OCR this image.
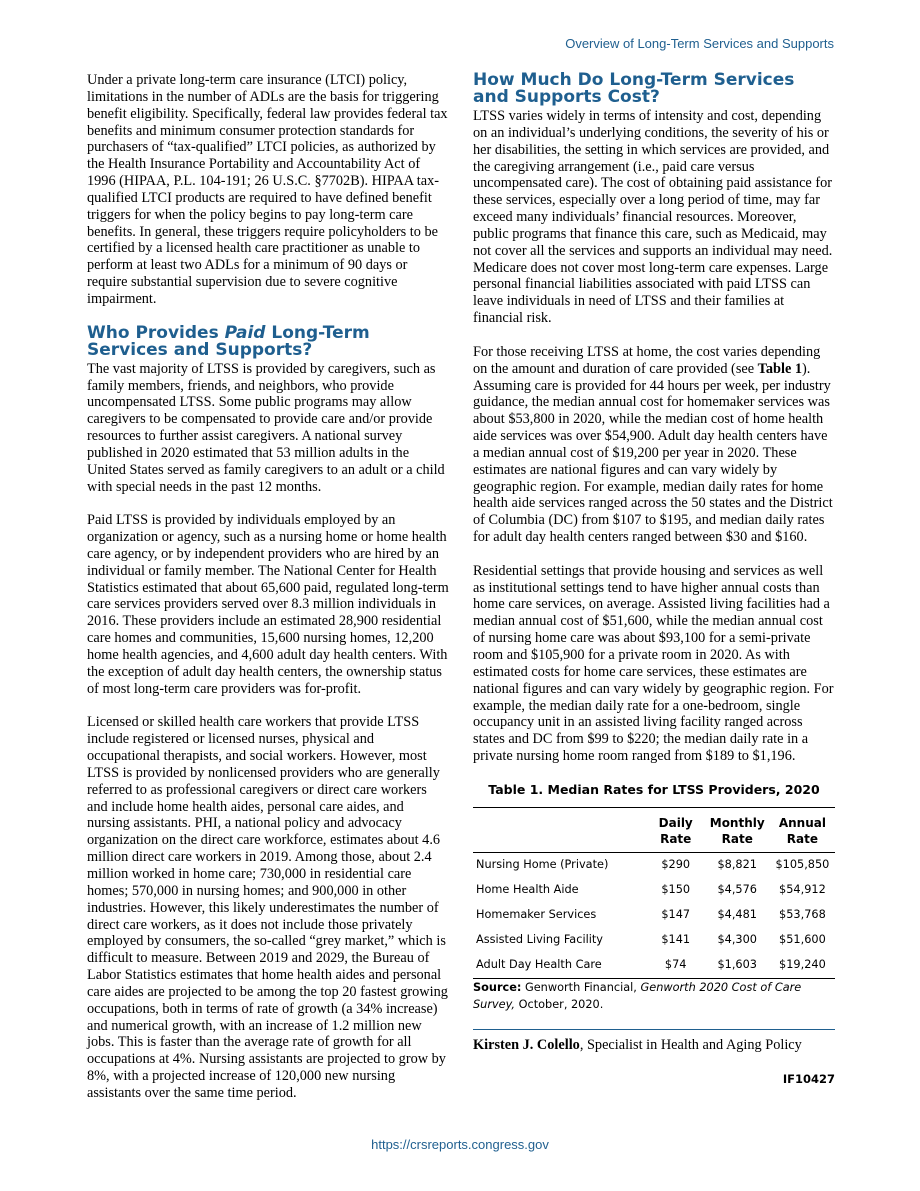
Overview of Long-Term Services and Supports

Under a private long-term care insurance (LTCI) policy, limitations in the number of ADLs are the basis for triggering benefit eligibility. Specifically, federal law provides federal tax benefits and minimum consumer protection standards for purchasers of “tax-qualified” LTCI policies, as authorized by the Health Insurance Portability and Accountability Act of 1996 (HIPAA, P.L. 104-191; 26 U.S.C. §7702B). HIPAA tax-qualified LTCI products are required to have defined benefit triggers for when the policy begins to pay long-term care benefits. In general, these triggers require policyholders to be certified by a licensed health care practitioner as unable to perform at least two ADLs for a minimum of 90 days or require substantial supervision due to severe cognitive impairment.

Who Provides Paid Long-Term Services and Supports?

The vast majority of LTSS is provided by caregivers, such as family members, friends, and neighbors, who provide uncompensated LTSS. Some public programs may allow caregivers to be compensated to provide care and/or provide resources to further assist caregivers. A national survey published in 2020 estimated that 53 million adults in the United States served as family caregivers to an adult or a child with special needs in the past 12 months.

Paid LTSS is provided by individuals employed by an organization or agency, such as a nursing home or home health care agency, or by independent providers who are hired by an individual or family member. The National Center for Health Statistics estimated that about 65,600 paid, regulated long-term care services providers served over 8.3 million individuals in 2016. These providers include an estimated 28,900 residential care homes and communities, 15,600 nursing homes, 12,200 home health agencies, and 4,600 adult day health centers. With the exception of adult day health centers, the ownership status of most long-term care providers was for-profit.

Licensed or skilled health care workers that provide LTSS include registered or licensed nurses, physical and occupational therapists, and social workers. However, most LTSS is provided by nonlicensed providers who are generally referred to as professional caregivers or direct care workers and include home health aides, personal care aides, and nursing assistants. PHI, a national policy and advocacy organization on the direct care workforce, estimates about 4.6 million direct care workers in 2019. Among those, about 2.4 million worked in home care; 730,000 in residential care homes; 570,000 in nursing homes; and 900,000 in other industries. However, this likely underestimates the number of direct care workers, as it does not include those privately employed by consumers, the so-called “grey market,” which is difficult to measure. Between 2019 and 2029, the Bureau of Labor Statistics estimates that home health aides and personal care aides are projected to be among the top 20 fastest growing occupations, both in terms of rate of growth (a 34% increase) and numerical growth, with an increase of 1.2 million new jobs. This is faster than the average rate of growth for all occupations at 4%. Nursing assistants are projected to grow by 8%, with a projected increase of 120,000 new nursing assistants over the same time period.

How Much Do Long-Term Services and Supports Cost?

LTSS varies widely in terms of intensity and cost, depending on an individual’s underlying conditions, the severity of his or her disabilities, the setting in which services are provided, and the caregiving arrangement (i.e., paid care versus uncompensated care). The cost of obtaining paid assistance for these services, especially over a long period of time, may far exceed many individuals’ financial resources. Moreover, public programs that finance this care, such as Medicaid, may not cover all the services and supports an individual may need. Medicare does not cover most long-term care expenses. Large personal financial liabilities associated with paid LTSS can leave individuals in need of LTSS and their families at financial risk.

For those receiving LTSS at home, the cost varies depending on the amount and duration of care provided (see Table 1). Assuming care is provided for 44 hours per week, per industry guidance, the median annual cost for homemaker services was about $53,800 in 2020, while the median cost of home health aide services was over $54,900. Adult day health centers have a median annual cost of $19,200 per year in 2020. These estimates are national figures and can vary widely by geographic region. For example, median daily rates for home health aide services ranged across the 50 states and the District of Columbia (DC) from $107 to $195, and median daily rates for adult day health centers ranged between $30 and $160.

Residential settings that provide housing and services as well as institutional settings tend to have higher annual costs than home care services, on average. Assisted living facilities had a median annual cost of $51,600, while the median annual cost of nursing home care was about $93,100 for a semi-private room and $105,900 for a private room in 2020. As with estimated costs for home care services, these estimates are national figures and can vary widely by geographic region. For example, the median daily rate for a one-bedroom, single occupancy unit in an assisted living facility ranged across states and DC from $99 to $220; the median daily rate in a private nursing home room ranged from $189 to $1,196.

Table 1. Median Rates for LTSS Providers, 2020
	Daily Rate	Monthly Rate	Annual Rate
Nursing Home (Private)	$290	$8,821	$105,850
Home Health Aide	$150	$4,576	$54,912
Homemaker Services	$147	$4,481	$53,768
Assisted Living Facility	$141	$4,300	$51,600
Adult Day Health Care	$74	$1,603	$19,240

Source: Genworth Financial, Genworth 2020 Cost of Care Survey, October, 2020.

Kirsten J. Colello, Specialist in Health and Aging Policy

IF10427

https://crsreports.congress.gov
